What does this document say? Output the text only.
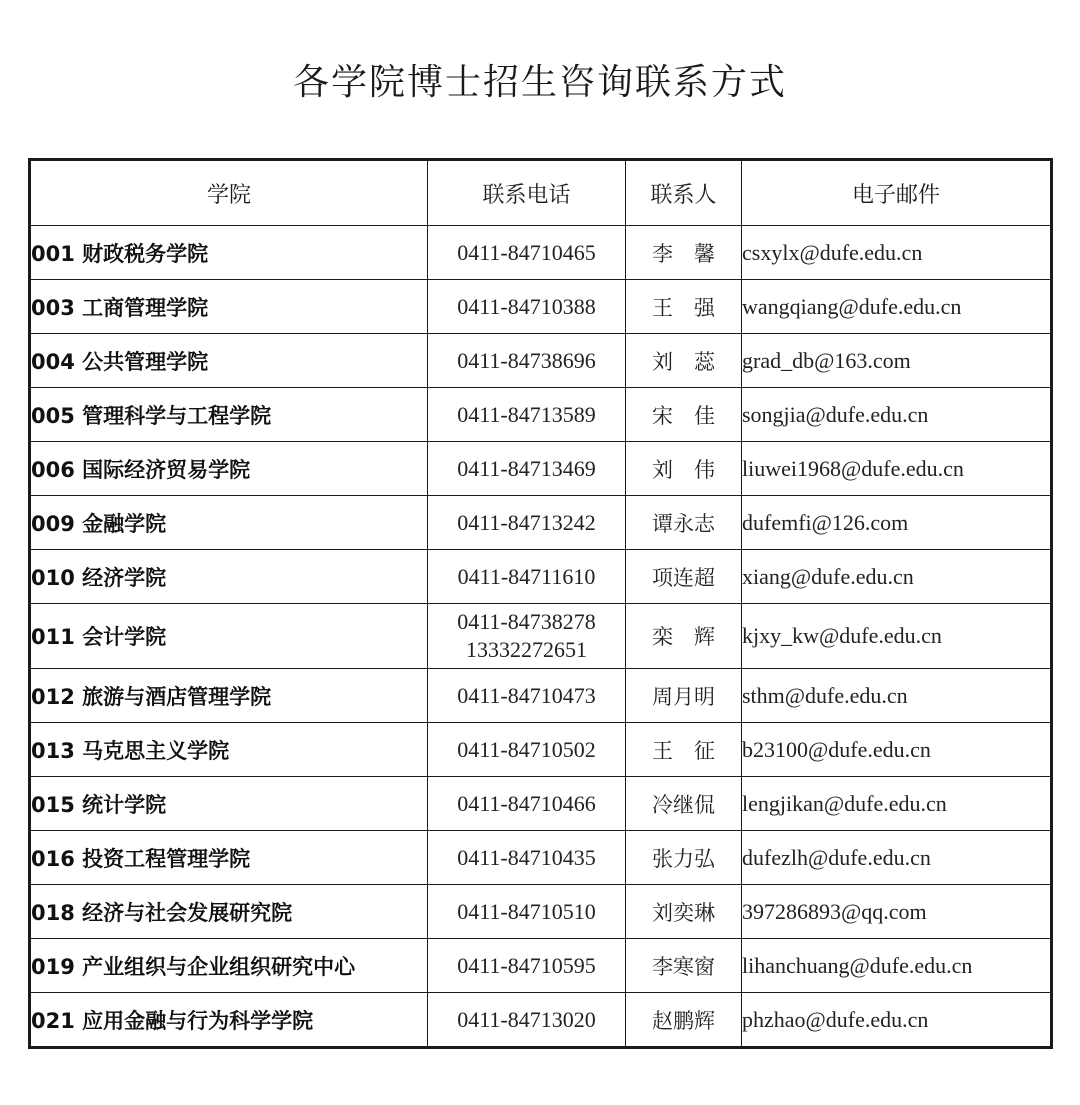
各学院博士招生咨询联系方式
学院	联系电话	联系人	电子邮件
001 财政税务学院	0411-84710465	李　馨	csxylx@dufe.edu.cn
003 工商管理学院	0411-84710388	王　强	wangqiang@dufe.edu.cn
004 公共管理学院	0411-84738696	刘　蕊	grad_db@163.com
005 管理科学与工程学院	0411-84713589	宋　佳	songjia@dufe.edu.cn
006 国际经济贸易学院	0411-84713469	刘　伟	liuwei1968@dufe.edu.cn
009 金融学院	0411-84713242	谭永志	dufemfi@126.com
010 经济学院	0411-84711610	项连超	xiang@dufe.edu.cn
011 会计学院	0411-84738278
13332272651	栾　辉	kjxy_kw@dufe.edu.cn
012 旅游与酒店管理学院	0411-84710473	周月明	sthm@dufe.edu.cn
013 马克思主义学院	0411-84710502	王　征	b23100@dufe.edu.cn
015 统计学院	0411-84710466	冷继侃	lengjikan@dufe.edu.cn
016 投资工程管理学院	0411-84710435	张力弘	dufezlh@dufe.edu.cn
018 经济与社会发展研究院	0411-84710510	刘奕琳	397286893@qq.com
019 产业组织与企业组织研究中心	0411-84710595	李寒窗	lihanchuang@dufe.edu.cn
021 应用金融与行为科学学院	0411-84713020	赵鹏辉	phzhao@dufe.edu.cn
